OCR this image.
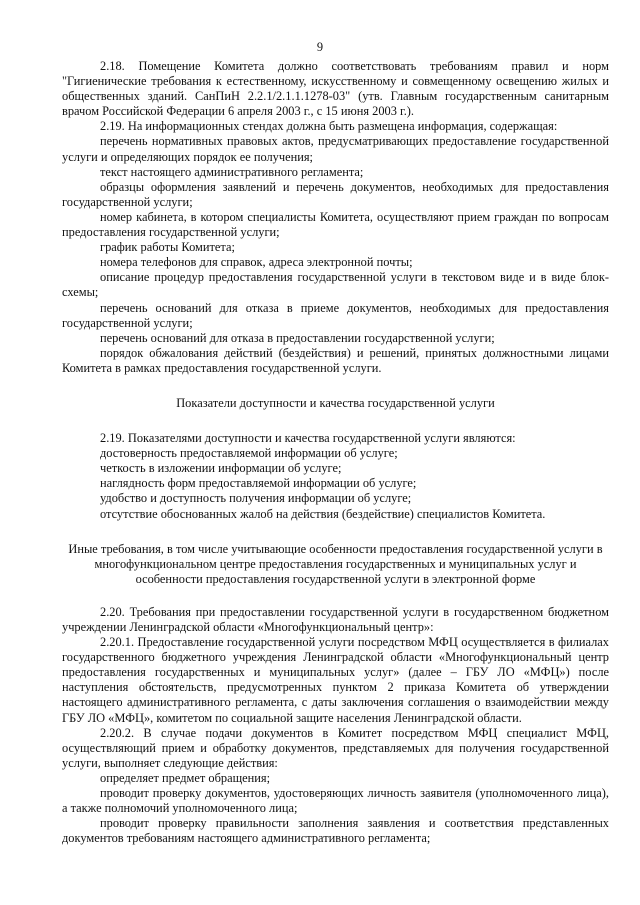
9

2.18. Помещение Комитета должно соответствовать требованиям правил и норм "Гигиенические требования к естественному, искусственному и совмещенному освещению жилых и общественных зданий. СанПиН 2.2.1/2.1.1.1278-03" (утв. Главным государственным санитарным врачом Российской Федерации 6 апреля 2003 г., с 15 июня 2003 г.).

2.19. На информационных стендах должна быть размещена информация, содержащая:

перечень нормативных правовых актов, предусматривающих предоставление государственной услуги и определяющих порядок ее получения;

текст настоящего административного регламента;

образцы оформления заявлений и перечень документов, необходимых для предоставления государственной услуги;

номер кабинета, в котором специалисты Комитета, осуществляют прием граждан по вопросам предоставления государственной услуги;

график работы Комитета;

номера телефонов для справок, адреса электронной почты;

описание процедур предоставления государственной услуги в текстовом виде и в виде блок-схемы;

перечень оснований для отказа в приеме документов, необходимых для предоставления государственной услуги;

перечень оснований для отказа в предоставлении государственной услуги;

порядок обжалования действий (бездействия) и решений, принятых должностными лицами Комитета в рамках предоставления государственной услуги.

Показатели доступности и качества государственной услуги

2.19. Показателями доступности и качества государственной услуги являются:

достоверность предоставляемой информации об услуге;

четкость в изложении информации об услуге;

наглядность форм предоставляемой информации об услуге;

удобство и доступность получения информации об услуге;

отсутствие обоснованных жалоб на действия (бездействие) специалистов Комитета.

Иные требования, в том числе учитывающие особенности предоставления государственной услуги в многофункциональном центре предоставления государственных и муниципальных услуг и особенности предоставления государственной услуги в электронной форме

2.20. Требования при предоставлении государственной услуги в государственном бюджетном учреждении Ленинградской области «Многофункциональный центр»:

2.20.1. Предоставление государственной услуги посредством МФЦ осуществляется в филиалах государственного бюджетного учреждения Ленинградской области «Многофункциональный центр предоставления государственных и муниципальных услуг» (далее – ГБУ ЛО «МФЦ») после наступления обстоятельств, предусмотренных пунктом 2 приказа Комитета об утверждении настоящего административного регламента, с даты заключения соглашения о взаимодействии между ГБУ ЛО «МФЦ», комитетом по социальной защите населения Ленинградской области.

2.20.2. В случае подачи документов в Комитет посредством МФЦ специалист МФЦ, осуществляющий прием и обработку документов, представляемых для получения государственной услуги, выполняет следующие действия:

определяет предмет обращения;

проводит проверку документов, удостоверяющих личность заявителя (уполномоченного лица), а также полномочий уполномоченного лица;

проводит проверку правильности заполнения заявления и соответствия представленных документов требованиям настоящего административного регламента;
